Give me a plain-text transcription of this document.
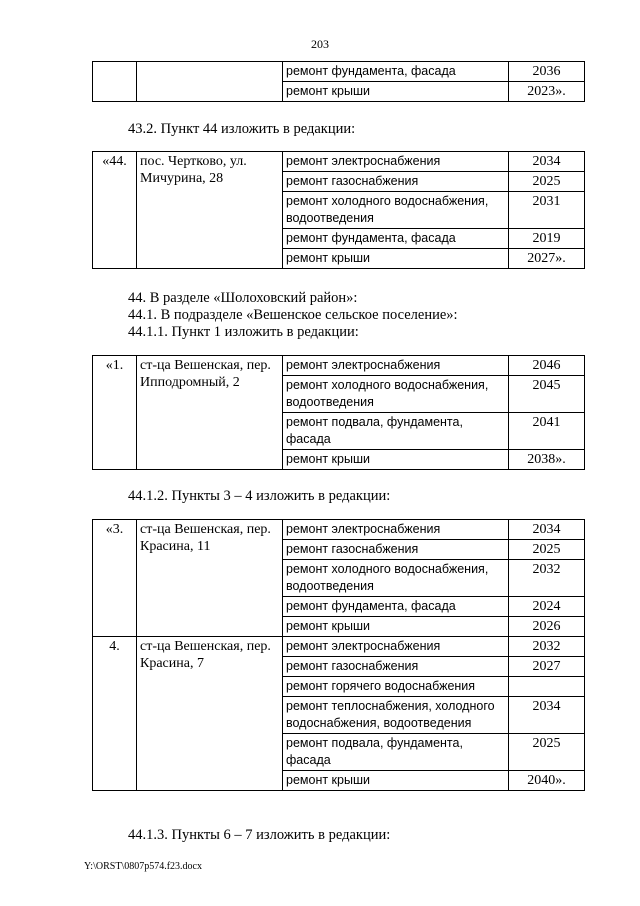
203
		ремонт фундамента, фасада	2036
		ремонт крыши	2023».
43.2. Пункт 44 изложить в редакции:
«44.	пос. Чертково, ул. Мичурина, 28	ремонт электроснабжения	2034
		ремонт газоснабжения	2025
		ремонт холодного водоснабжения, водоотведения	2031
		ремонт фундамента, фасада	2019
		ремонт крыши	2027».
44. В разделе «Шолоховский район»:
44.1. В подразделе «Вешенское сельское поселение»:
44.1.1. Пункт 1 изложить в редакции:
«1.	ст-ца Вешенская, пер. Ипподромный, 2	ремонт электроснабжения	2046
		ремонт холодного водоснабжения, водоотведения	2045
		ремонт подвала, фундамента, фасада	2041
		ремонт крыши	2038».
44.1.2. Пункты 3 – 4 изложить в редакции:
«3.	ст-ца Вешенская, пер. Красина, 11	ремонт электроснабжения	2034
		ремонт газоснабжения	2025
		ремонт холодного водоснабжения, водоотведения	2032
		ремонт фундамента, фасада	2024
		ремонт крыши	2026
4.	ст-ца Вешенская, пер. Красина, 7	ремонт электроснабжения	2032
		ремонт газоснабжения	2027
		ремонт горячего водоснабжения	
		ремонт теплоснабжения, холодного водоснабжения, водоотведения	2034
		ремонт подвала, фундамента, фасада	2025
		ремонт крыши	2040».
44.1.3. Пункты 6 – 7 изложить в редакции:
Y:\ORST\0807p574.f23.docx
